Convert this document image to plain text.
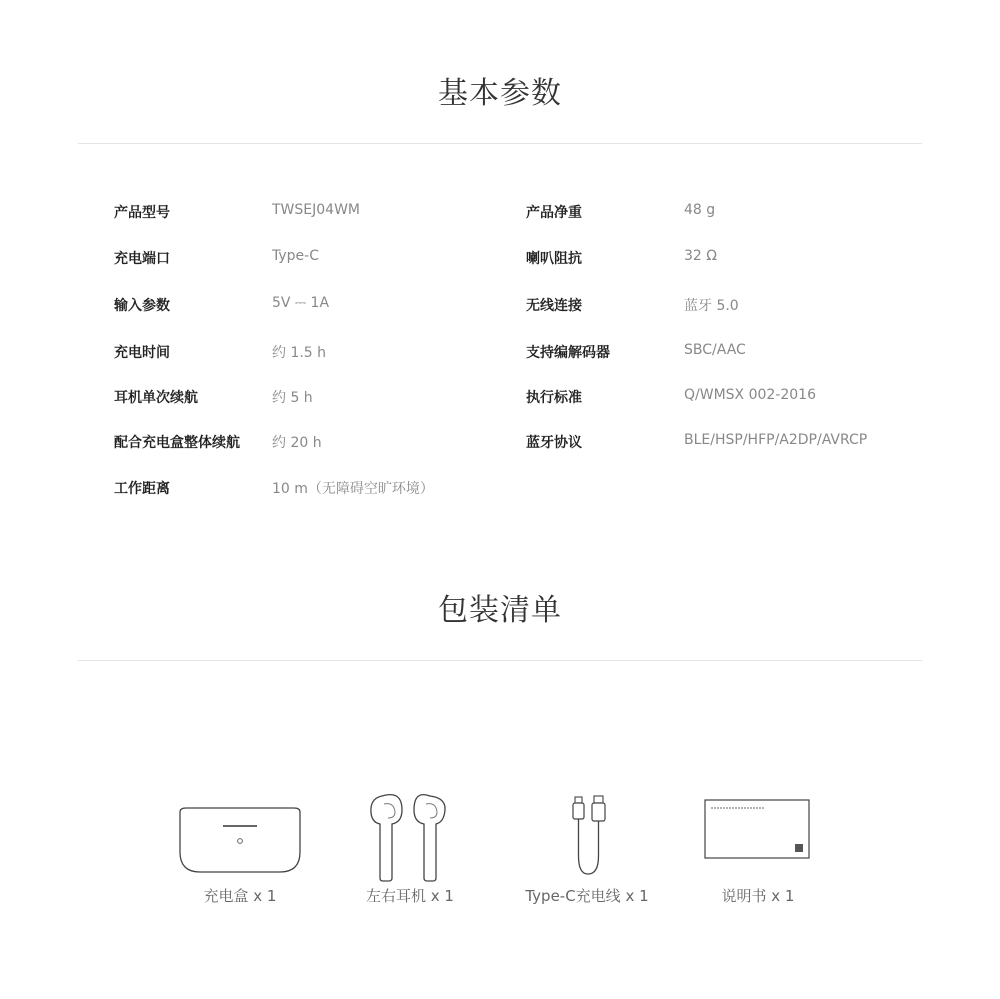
基本参数
产品型号	TWSEJ04WM
充电端口	Type-C
输入参数	5V ⎓ 1A
充电时间	约 1.5 h
耳机单次续航	约 5 h
配合充电盒整体续航 约 20 h
工作距离	10 m（无障碍空旷环境）
产品净重	48 g
喇叭阻抗	32 Ω
无线连接	蓝牙 5.0
支持编解码器	SBC/AAC
执行标准	Q/WMSX 002-2016
蓝牙协议	BLE/HSP/HFP/A2DP/AVRCP
包装清单
充电盒 x 1	左右耳机 x 1	Type-C充电线 x 1	说明书 x 1
